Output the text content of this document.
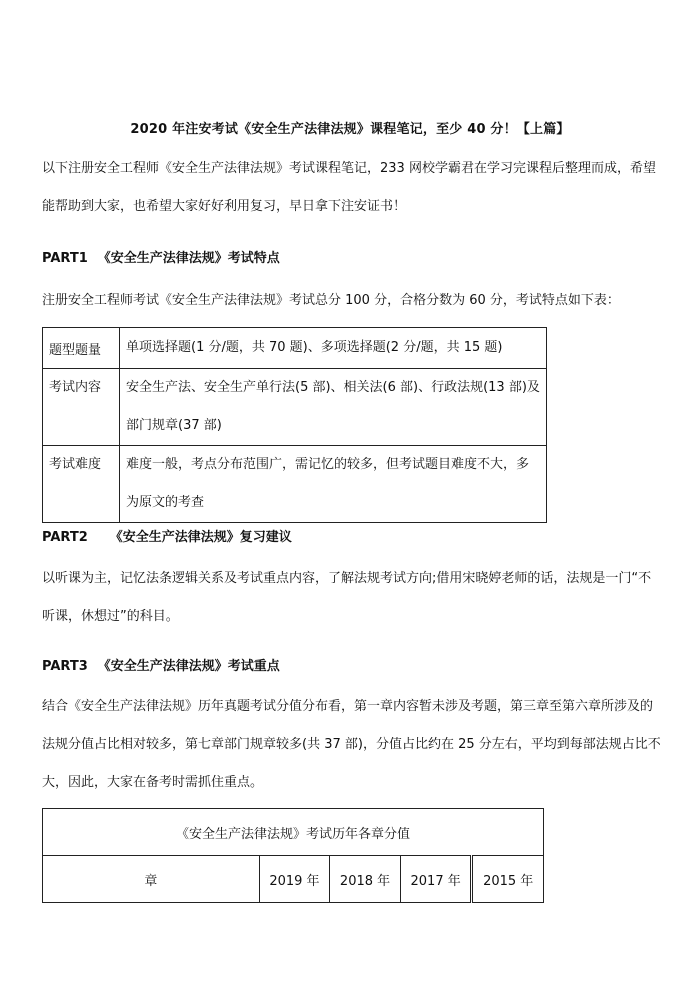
2020 年注安考试《安全生产法律法规》课程笔记，至少 40 分！【上篇】

以下注册安全工程师《安全生产法律法规》考试课程笔记，233 网校学霸君在学习完课程后整理而成，希望能帮助到大家，也希望大家好好利用复习，早日拿下注安证书！

PART1 《安全生产法律法规》考试特点

注册安全工程师考试《安全生产法律法规》考试总分 100 分，合格分数为 60 分，考试特点如下表：

题型题量	单项选择题(1 分/题，共 70 题)、多项选择题(2 分/题，共 15 题)
考试内容	安全生产法、安全生产单行法(5 部)、相关法(6 部)、行政法规(13 部)及部门规章(37 部)
考试难度	难度一般，考点分布范围广，需记忆的较多，但考试题目难度不大，多为原文的考查
PART2 《安全生产法律法规》复习建议

以听课为主，记忆法条逻辑关系及考试重点内容，了解法规考试方向;借用宋晓婷老师的话，法规是一门“不听课，休想过”的科目。

PART3 《安全生产法律法规》考试重点

结合《安全生产法律法规》历年真题考试分值分布看，第一章内容暂未涉及考题，第三章至第六章所涉及的法规分值占比相对较多，第七章部门规章较多(共 37 部)，分值占比约在 25 分左右，平均到每部法规占比不大，因此，大家在备考时需抓住重点。

《安全生产法律法规》考试历年各章分值
章	2019 年	2018 年	2017 年	2015 年
